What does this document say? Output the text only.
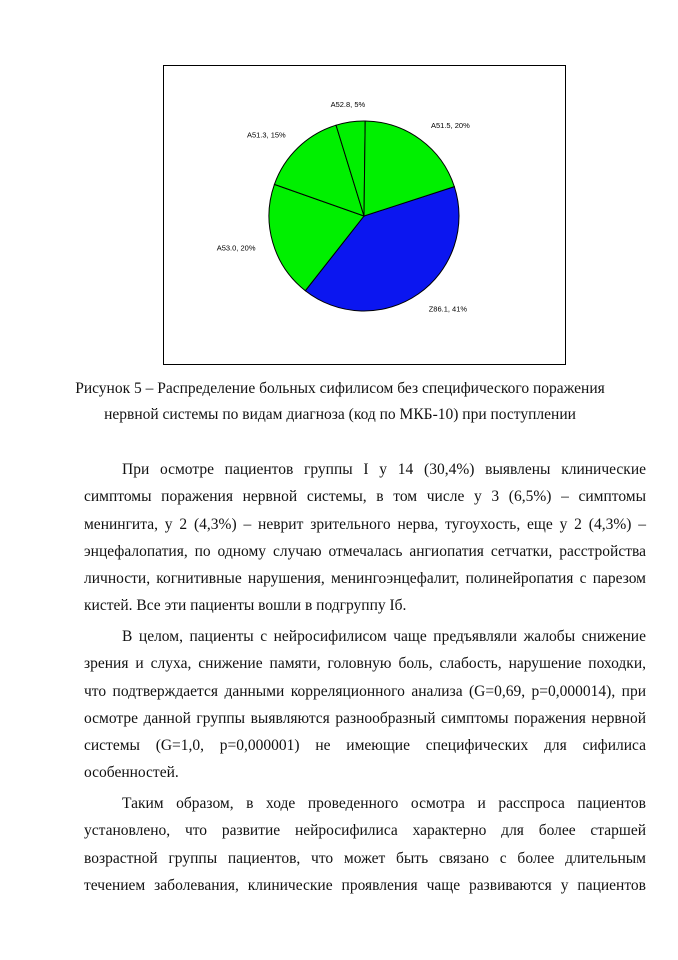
Z86.1, 41%
A53.0, 20%
A51.3, 15%
A52.8, 5%
A51.5, 20%
Рисунок 5 – Распределение больных сифилисом без специфического поражения
нервной системы по видам диагноза (код по МКБ-10) при поступлении
При осмотре пациентов группы I у 14 (30,4%) выявлены клинические
симптомы поражения нервной системы, в том числе у 3 (6,5%) – симптомы
менингита, у 2 (4,3%) – неврит зрительного нерва, тугоухость, еще у 2 (4,3%) –
энцефалопатия, по одному случаю отмечалась ангиопатия сетчатки, расстройства
личности, когнитивные нарушения, менингоэнцефалит, полинейропатия с парезом
кистей. Все эти пациенты вошли в подгруппу Iб.
В целом, пациенты с нейросифилисом чаще предъявляли жалобы снижение
зрения и слуха, снижение памяти, головную боль, слабость, нарушение походки,
что подтверждается данными корреляционного анализа (G=0,69, p=0,000014), при
осмотре данной группы выявляются разнообразный симптомы поражения нервной
системы (G=1,0, p=0,000001) не имеющие специфических для сифилиса
особенностей.
Таким образом, в ходе проведенного осмотра и расспроса пациентов
установлено, что развитие нейросифилиса характерно для более старшей
возрастной группы пациентов, что может быть связано с более длительным
течением заболевания, клинические проявления чаще развиваются у пациентов
